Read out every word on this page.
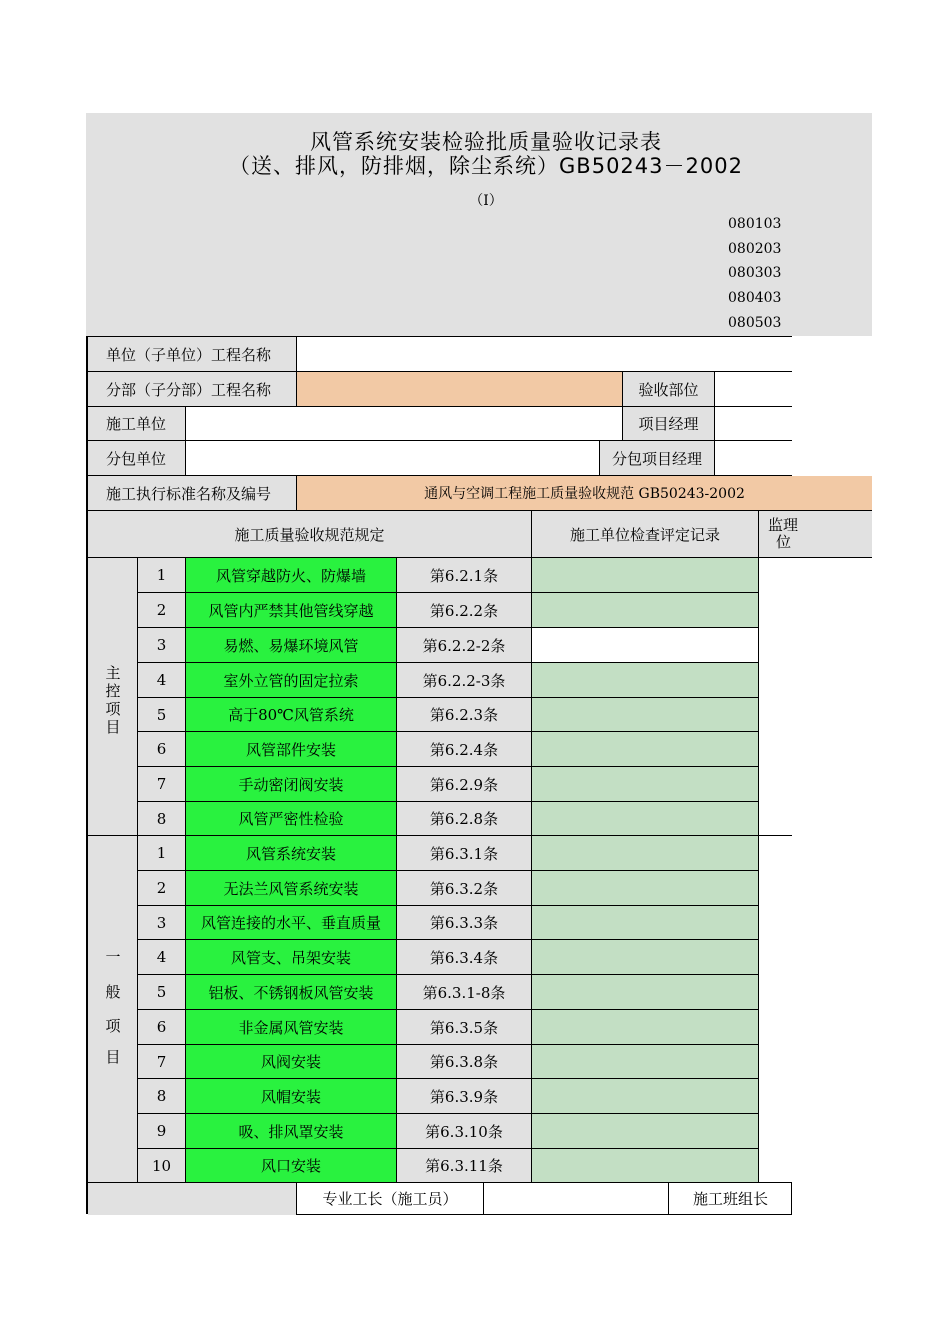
风管系统安装检验批质量验收记录表
（送、排风，防排烟，除尘系统）GB50243－2002
（Ⅰ）
080103
080203
080303
080403
080503
单位（子单位）工程名称
分部（子分部）工程名称	验收部位
施工单位	项目经理
分包单位	分包项目经理
施工执行标准名称及编号	通风与空调工程施工质量验收规范 GB50243-2002
施工质量验收规范规定	施工单位检查评定记录
监理
位
主
控
项
目
1	风管穿越防火、防爆墙	第6.2.1条
2	风管内严禁其他管线穿越	第6.2.2条
3	易燃、易爆环境风管	第6.2.2-2条
4	室外立管的固定拉索	第6.2.2-3条
5	高于80℃风管系统	第6.2.3条
6	风管部件安装	第6.2.4条
7	手动密闭阀安装	第6.2.9条
8	风管严密性检验	第6.2.8条
一
般
项
目
1	风管系统安装	第6.3.1条
2	无法兰风管系统安装	第6.3.2条
3	风管连接的水平、垂直质量	第6.3.3条
4	风管支、吊架安装	第6.3.4条
5	铝板、不锈钢板风管安装	第6.3.1-8条
6	非金属风管安装	第6.3.5条
7	风阀安装	第6.3.8条
8	风帽安装	第6.3.9条
9	吸、排风罩安装	第6.3.10条
10	风口安装	第6.3.11条
专业工长（施工员）	施工班组长
